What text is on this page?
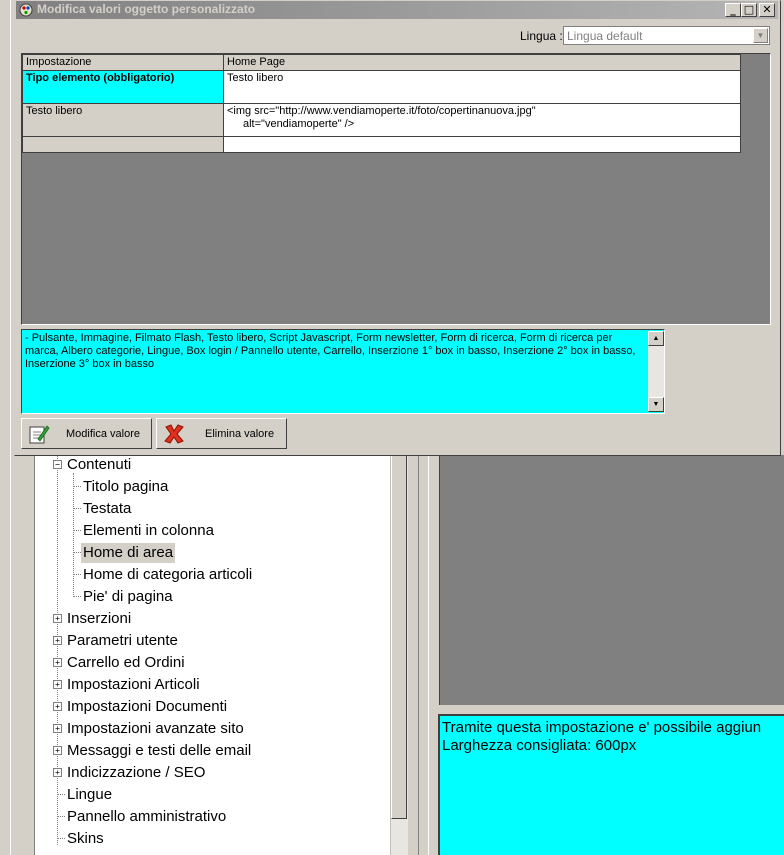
− Contenuti
Titolo pagina
Testata
Elementi in colonna
Home di area
Home di categoria articoli
Pie' di pagina
+ Inserzioni
+ Parametri utente
+ Carrello ed Ordini
+ Impostazioni Articoli
+ Impostazioni Documenti
+ Impostazioni avanzate sito
+ Messaggi e testi delle email
+ Indicizzazione / SEO
Lingue
Pannello amministrativo
Skins
Tramite questa impostazione e' possibile aggiun
Larghezza consigliata: 600px
Modifica valori oggetto personalizzato	_ □ ✕
Lingua : Lingua default	▼
Impostazione	Home Page
Tipo elemento (obbligatorio)	Testo libero
Testo libero	<img src="http://www.vendiamoperte.it/foto/copertinanuova.jpg"
alt="vendiamoperte" />

- Pulsante, Immagine, Filmato Flash, Testo libero, Script Javascript, Form newsletter, Form di ricerca, Form di ricerca per marca, Albero categorie, Lingue, Box login / Pannello utente, Carrello, Inserzione 1° box in basso, Inserzione 2° box in basso, Inserzione 3° box in basso
▲
▼
Modifica valore	Elimina valore
